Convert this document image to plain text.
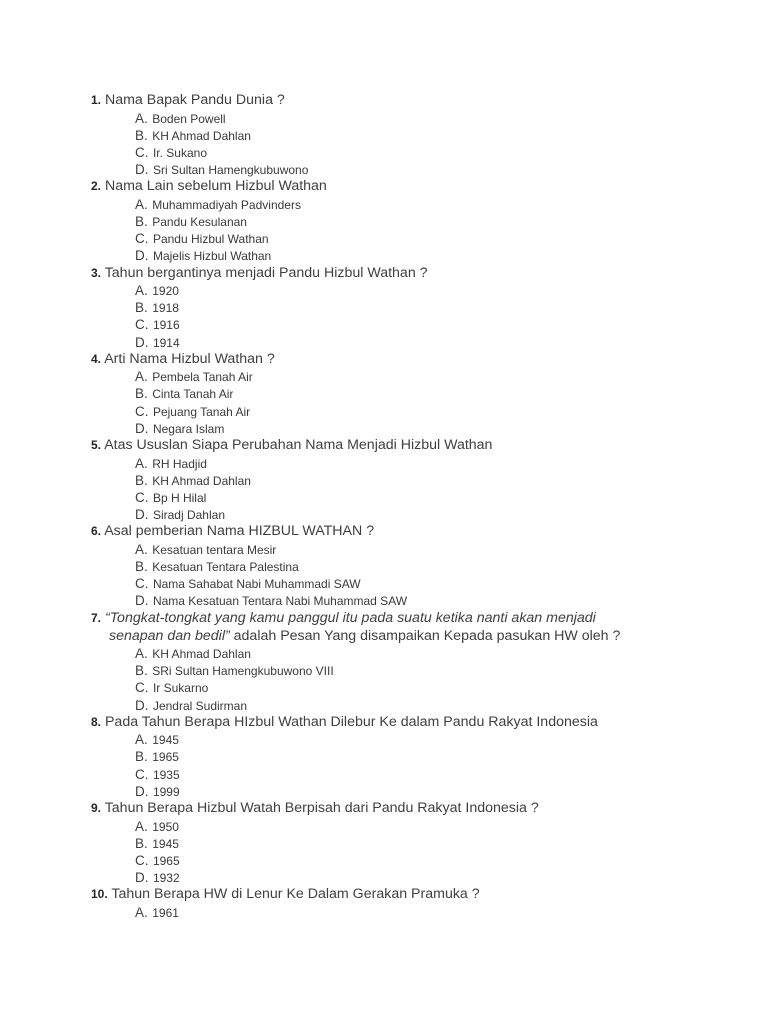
1. Nama Bapak Pandu Dunia ?
A. Boden Powell
B. KH Ahmad Dahlan
C. Ir. Sukano
D. Sri Sultan Hamengkubuwono
2. Nama Lain sebelum Hizbul Wathan
A. Muhammadiyah Padvinders
B. Pandu Kesulanan
C. Pandu Hizbul Wathan
D. Majelis Hizbul Wathan
3. Tahun bergantinya menjadi Pandu Hizbul Wathan ?
A. 1920
B. 1918
C. 1916
D. 1914
4. Arti Nama Hizbul Wathan ?
A. Pembela Tanah Air
B. Cinta Tanah Air
C. Pejuang Tanah Air
D. Negara Islam
5. Atas Ususlan Siapa Perubahan Nama Menjadi Hizbul Wathan
A. RH Hadjid
B. KH Ahmad Dahlan
C. Bp H Hilal
D. Siradj Dahlan
6. Asal pemberian Nama HIZBUL WATHAN ?
A. Kesatuan tentara Mesir
B. Kesatuan Tentara Palestina
C. Nama Sahabat Nabi Muhammadi SAW
D. Nama Kesatuan Tentara Nabi Muhammad SAW
7. “Tongkat-tongkat yang kamu panggul itu pada suatu ketika nanti akan menjadi
senapan dan bedil” adalah Pesan Yang disampaikan Kepada pasukan HW oleh ?
A. KH Ahmad Dahlan
B. SRi Sultan Hamengkubuwono VIII
C. Ir Sukarno
D. Jendral Sudirman
8. Pada Tahun Berapa HIzbul Wathan Dilebur Ke dalam Pandu Rakyat Indonesia
A. 1945
B. 1965
C. 1935
D. 1999
9. Tahun Berapa Hizbul Watah Berpisah dari Pandu Rakyat Indonesia ?
A. 1950
B. 1945
C. 1965
D. 1932
10. Tahun Berapa HW di Lenur Ke Dalam Gerakan Pramuka ?
A. 1961
